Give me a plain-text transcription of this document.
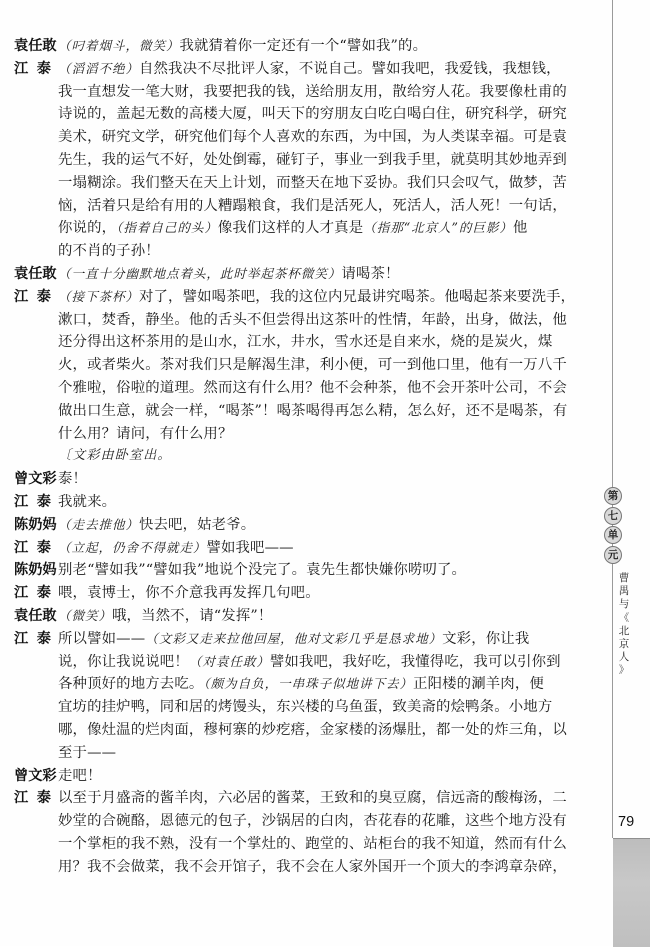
袁任敢 （叼着烟斗，微笑）我就猜着你一定还有一个“譬如我”的。
江 泰 （滔滔不绝）自然我决不尽批评人家，不说自己。譬如我吧，我爱钱，我想钱，
我一直想发一笔大财，我要把我的钱，送给朋友用，散给穷人花。我要像杜甫的
诗说的，盖起无数的高楼大厦，叫天下的穷朋友白吃白喝白住，研究科学，研究
美术，研究文学，研究他们每个人喜欢的东西，为中国，为人类谋幸福。可是袁
先生，我的运气不好，处处倒霉，碰钉子，事业一到我手里，就莫明其妙地弄到
一塌糊涂。我们整天在天上计划，而整天在地下妥协。我们只会叹气，做梦，苦
恼，活着只是给有用的人糟蹋粮食，我们是活死人，死活人，活人死！一句话，
你说的，（指着自己的头）像我们这样的人才真是（指那“北京人”的巨影）他
的不肖的子孙！
袁任敢 （一直十分幽默地点着头，此时举起茶杯微笑）请喝茶！
江 泰 （接下茶杯）对了，譬如喝茶吧，我的这位内兄最讲究喝茶。他喝起茶来要洗手，
漱口，焚香，静坐。他的舌头不但尝得出这茶叶的性情，年龄，出身，做法，他
还分得出这杯茶用的是山水，江水，井水，雪水还是自来水，烧的是炭火，煤
火，或者柴火。茶对我们只是解渴生津，利小便，可一到他口里，他有一万八千
个雅啦，俗啦的道理。然而这有什么用？他不会种茶，他不会开茶叶公司，不会
做出口生意，就会一样，“喝茶”！喝茶喝得再怎么精，怎么好，还不是喝茶，有
什么用？请问，有什么用？
〔文彩由卧室出。
曾文彩 泰！
江 泰 我就来。
陈奶妈 （走去推他）快去吧，姑老爷。
江 泰 （立起，仍舍不得就走）譬如我吧——
陈奶妈 别老“譬如我”“譬如我”地说个没完了。袁先生都快嫌你唠叨了。
江 泰 喂，袁博士，你不介意我再发挥几句吧。
袁任敢 （微笑）哦，当然不，请“发挥”！
江 泰 所以譬如——（文彩又走来拉他回屋，他对文彩几乎是恳求地）文彩，你让我
说，你让我说说吧！（对袁任敢）譬如我吧，我好吃，我懂得吃，我可以引你到
各种顶好的地方去吃。（颇为自负，一串珠子似地讲下去）正阳楼的涮羊肉，便
宜坊的挂炉鸭，同和居的烤馒头，东兴楼的乌鱼蛋，致美斋的烩鸭条。小地方
哪，像灶温的烂肉面，穆柯寨的炒疙瘩，金家楼的汤爆肚，都一处的炸三角，以
至于——
曾文彩 走吧！
江 泰 以至于月盛斋的酱羊肉，六必居的酱菜，王致和的臭豆腐，信远斋的酸梅汤，二
妙堂的合碗酪，恩德元的包子，沙锅居的白肉，杏花春的花雕，这些个地方没有
一个掌柜的我不熟，没有一个掌灶的、跑堂的、站柜台的我不知道，然而有什么
用？我不会做菜，我不会开馆子，我不会在人家外国开一个顶大的李鸿章杂碎，
第
七
单
元
曹
禺
与
《
北
京
人
》
79
